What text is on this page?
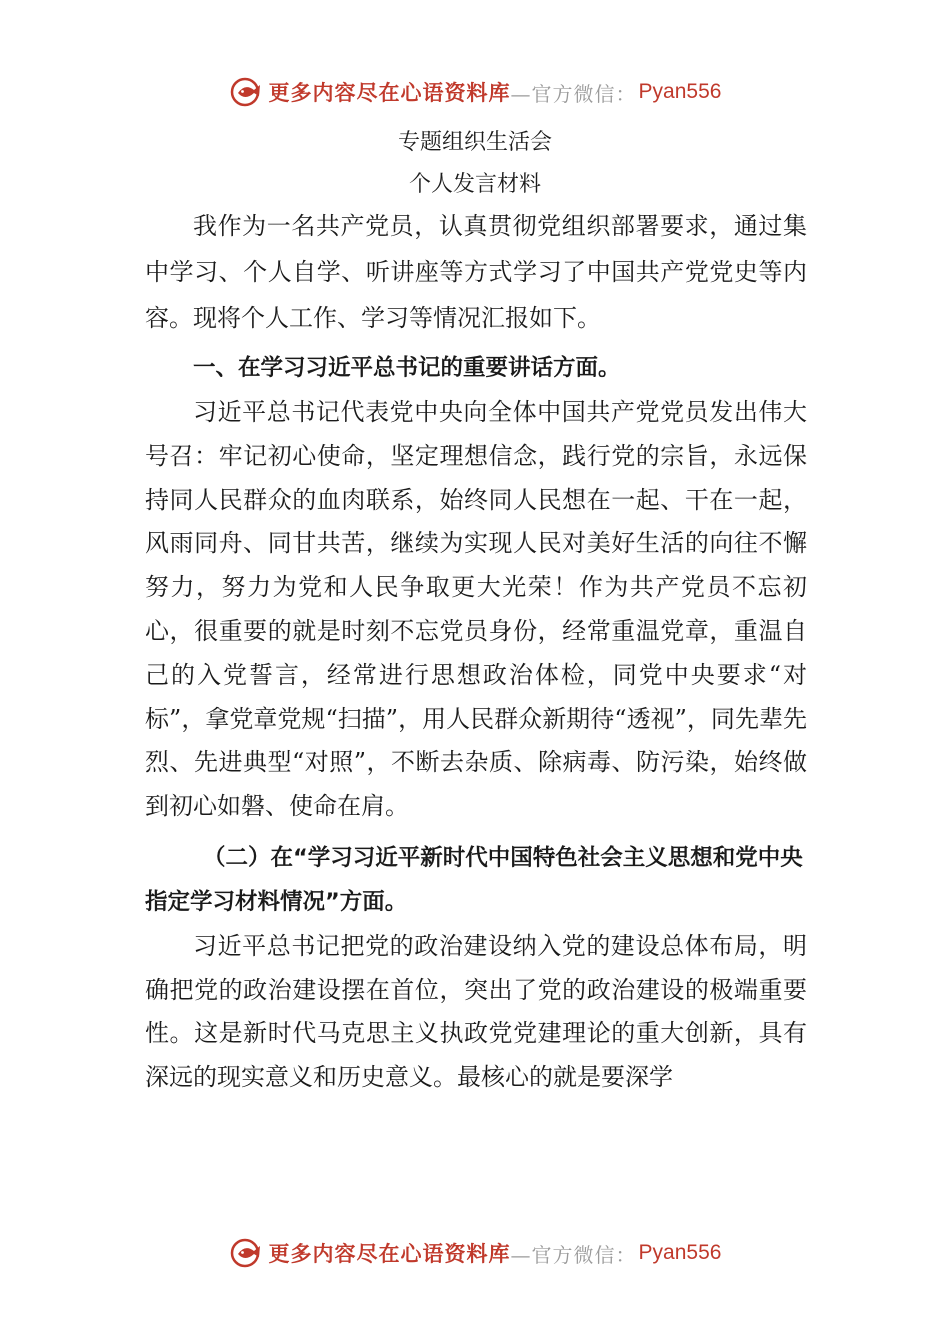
更多内容尽在心语资料库 —官方微信： Pyan556
专题组织生活会
个人发言材料

我作为一名共产党员，认真贯彻党组织部署要求，通过集中学习、个人自学、听讲座等方式学习了中国共产党党史等内容。现将个人工作、学习等情况汇报如下。

一、在学习习近平总书记的重要讲话方面。

习近平总书记代表党中央向全体中国共产党党员发出伟大号召：牢记初心使命，坚定理想信念，践行党的宗旨，永远保持同人民群众的血肉联系，始终同人民想在一起、干在一起，风雨同舟、同甘共苦，继续为实现人民对美好生活的向往不懈努力，努力为党和人民争取更大光荣！作为共产党员不忘初心，很重要的就是时刻不忘党员身份，经常重温党章，重温自己的入党誓言，经常进行思想政治体检，同党中央要求“对标”，拿党章党规“扫描”，用人民群众新期待“透视”，同先辈先烈、先进典型“对照”，不断去杂质、除病毒、防污染，始终做到初心如磐、使命在肩。

（二）在“学习习近平新时代中国特色社会主义思想和党中央指定学习材料情况”方面。

习近平总书记把党的政治建设纳入党的建设总体布局，明确把党的政治建设摆在首位，突出了党的政治建设的极端重要性。这是新时代马克思主义执政党党建理论的重大创新，具有深远的现实意义和历史意义。最核心的就是要深学

更多内容尽在心语资料库 —官方微信： Pyan556
